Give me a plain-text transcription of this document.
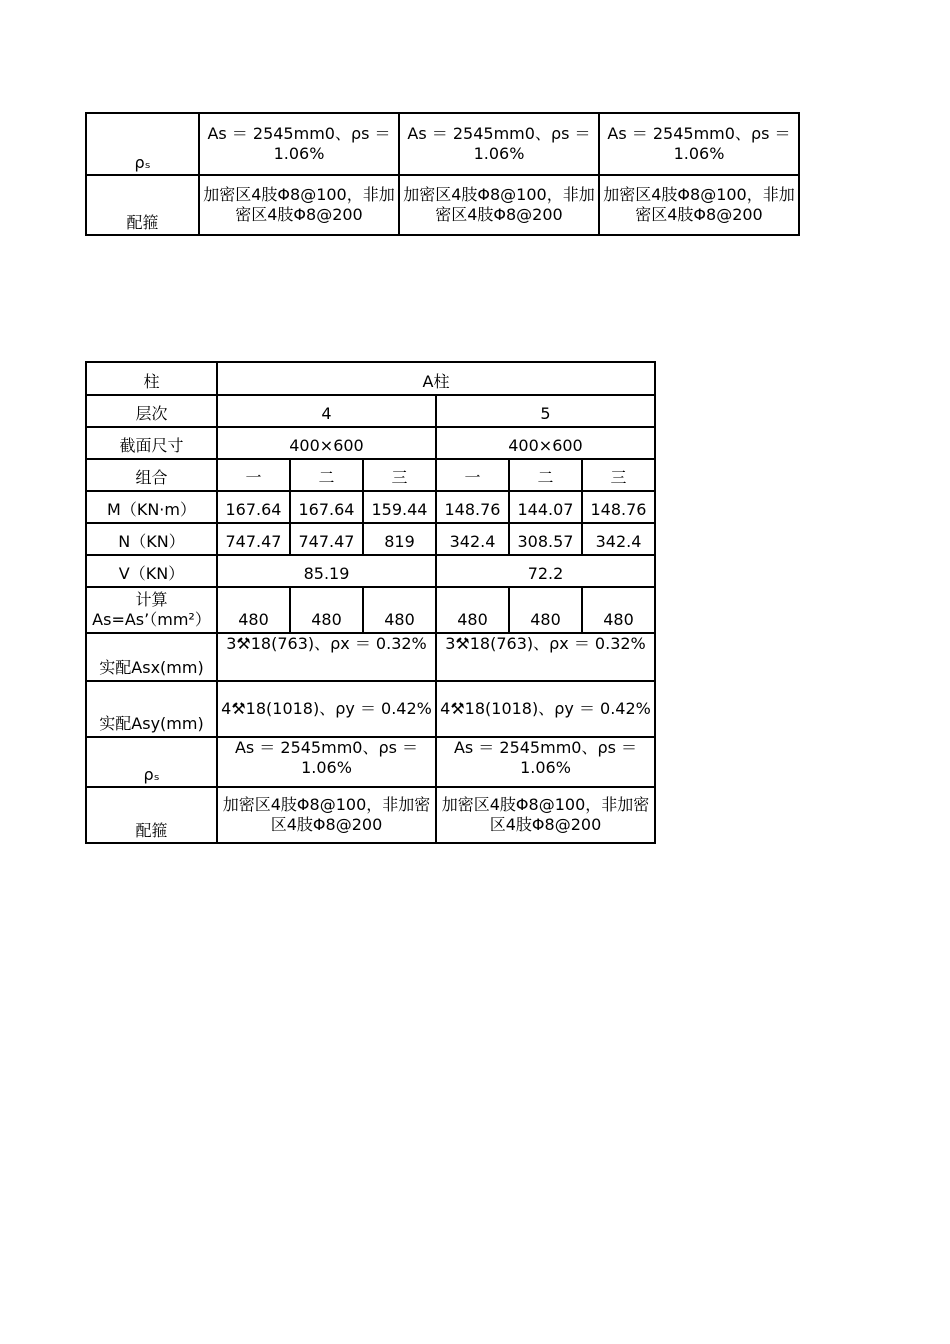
ρₛ	As ＝ 2545mm0、ρs ＝ 1.06%	As ＝ 2545mm0、ρs ＝ 1.06%	As ＝ 2545mm0、ρs ＝ 1.06%
配箍	加密区4肢Φ8@100，非加密区4肢Φ8@200	加密区4肢Φ8@100，非加密区4肢Φ8@200	加密区4肢Φ8@100，非加密区4肢Φ8@200
柱	A柱					
层次	4			5		
截面尺寸	400×600			400×600		
组合	一	二	三	一	二	三
M（KN·m）	167.64	167.64	159.44	148.76	144.07	148.76
N（KN）	747.47	747.47	819	342.4	308.57	342.4
V（KN）	85.19			72.2		
计算As=As’（mm²）	480	480	480	480	480	480
实配Asx(mm)	3⚒18(763)、ρx ＝ 0.32%			3⚒18(763)、ρx ＝ 0.32%		
实配Asy(mm)	4⚒18(1018)、ρy ＝ 0.42%			4⚒18(1018)、ρy ＝ 0.42%		
ρₛ	As ＝ 2545mm0、ρs ＝ 1.06%			As ＝ 2545mm0、ρs ＝ 1.06%		
配箍	加密区4肢Φ8@100，非加密区4肢Φ8@200			加密区4肢Φ8@100，非加密区4肢Φ8@200		
